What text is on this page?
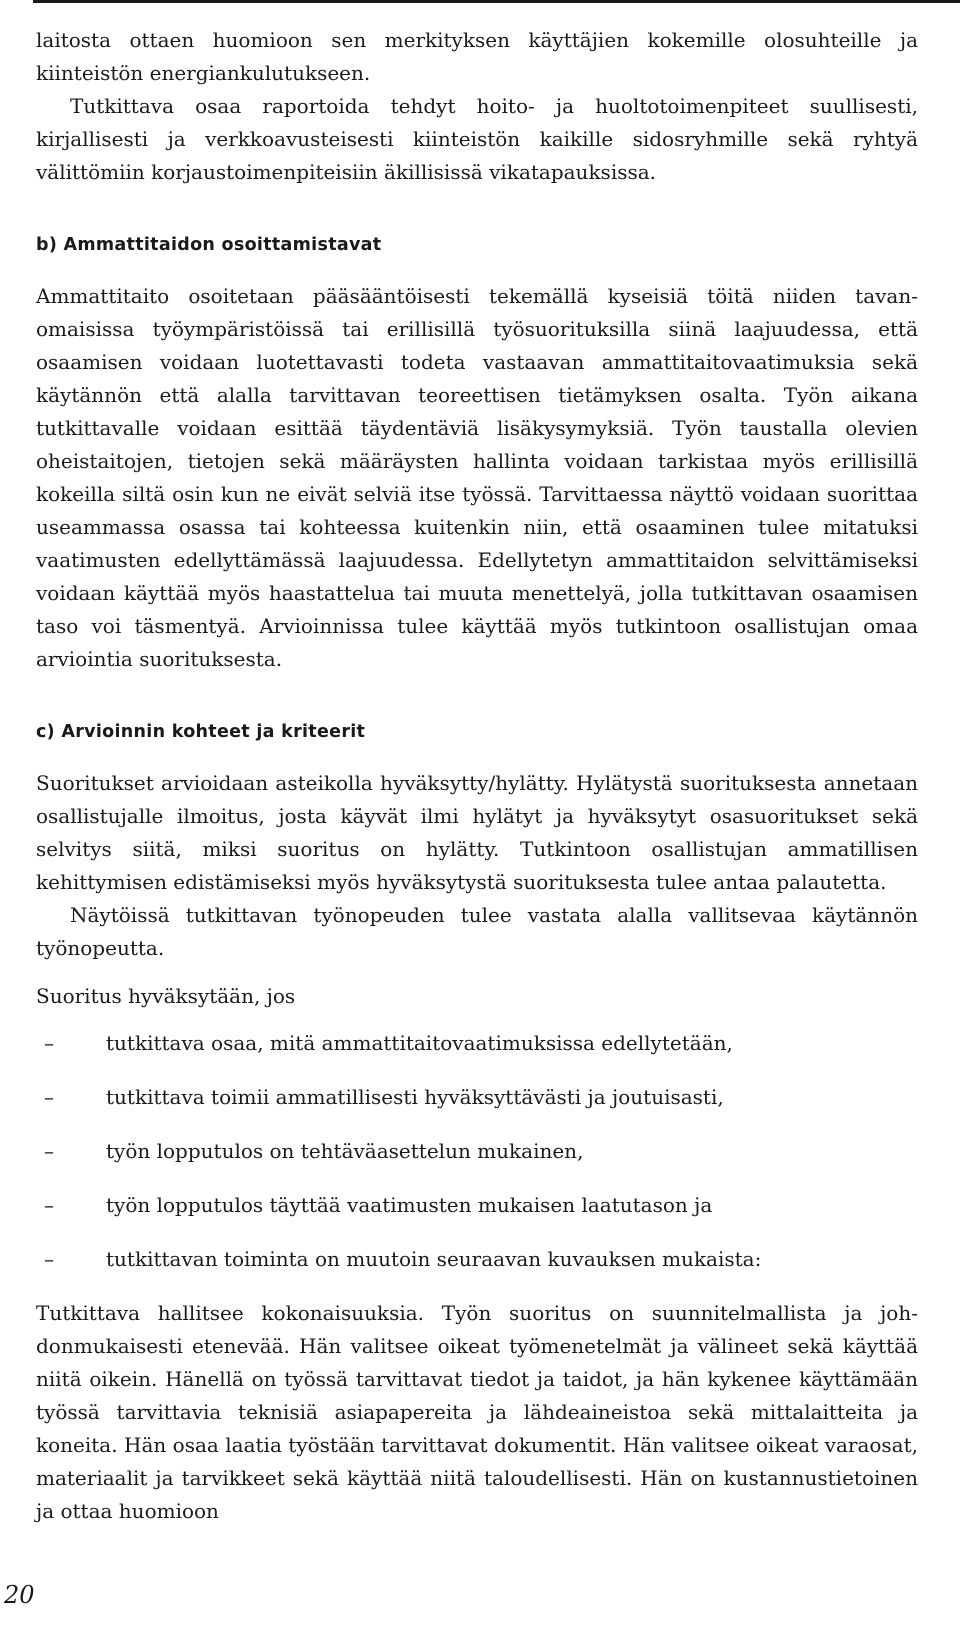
laitosta ottaen huomioon sen merkityksen käyttäjien kokemille olosuhteille ja kiinteistön energiankulutukseen.

Tutkittava osaa raportoida tehdyt hoito- ja huoltotoimenpiteet suullisesti, kirjallisesti ja verkkoavusteisesti kiinteistön kaikille sidosryhmille sekä ryhtyä välittömiin korjaustoimenpiteisiin äkillisissä vikatapauksissa.

b) Ammattitaidon osoittamistavat

Ammattitaito osoitetaan pääsääntöisesti tekemällä kyseisiä töitä niiden tavanomaisissa työympäristöissä tai erillisillä työsuorituksilla siinä laajuudessa, että osaamisen voidaan luotettavasti todeta vastaavan ammattitaitovaatimuksia sekä käytännön että alalla tarvittavan teoreettisen tietämyksen osalta. Työn aikana tutkittavalle voidaan esittää täydentäviä lisäkysymyksiä. Työn taustalla olevien oheistaitojen, tietojen sekä määräysten hallinta voidaan tarkistaa myös erillisillä kokeilla siltä osin kun ne eivät selviä itse työssä. Tarvittaessa näyttö voidaan suorittaa useammassa osassa tai kohteessa kuitenkin niin, että osaaminen tulee mitatuksi vaatimusten edellyttämässä laajuudessa. Edellytetyn ammattitaidon selvittämiseksi voidaan käyttää myös haastattelua tai muuta menettelyä, jolla tutkittavan osaamisen taso voi täsmentyä. Arvioinnissa tulee käyttää myös tutkintoon osallistujan omaa arviointia suorituksesta.

c) Arvioinnin kohteet ja kriteerit

Suoritukset arvioidaan asteikolla hyväksytty/hylätty. Hylätystä suorituksesta annetaan osallistujalle ilmoitus, josta käyvät ilmi hylätyt ja hyväksytyt osasuoritukset sekä selvitys siitä, miksi suoritus on hylätty. Tutkintoon osallistujan ammatillisen kehittymisen edistämiseksi myös hyväksytystä suorituksesta tulee antaa palautetta.

Näytöissä tutkittavan työnopeuden tulee vastata alalla vallitsevaa käytännön työnopeutta.

Suoritus hyväksytään, jos

–	tutkittava osaa, mitä ammattitaitovaatimuksissa edellytetään,
–	tutkittava toimii ammatillisesti hyväksyttävästi ja joutuisasti,
–	työn lopputulos on tehtäväasettelun mukainen,
–	työn lopputulos täyttää vaatimusten mukaisen laatutason ja
–	tutkittavan toiminta on muutoin seuraavan kuvauksen mukaista:

Tutkittava hallitsee kokonaisuuksia. Työn suoritus on suunnitelmallista ja johdonmukaisesti etenevää. Hän valitsee oikeat työmenetelmät ja välineet sekä käyttää niitä oikein. Hänellä on työssä tarvittavat tiedot ja taidot, ja hän kykenee käyttämään työssä tarvittavia teknisiä asiapapereita ja lähdeaineistoa sekä mittalaitteita ja koneita. Hän osaa laatia työstään tarvittavat dokumentit. Hän valitsee oikeat varaosat, materiaalit ja tarvikkeet sekä käyttää niitä taloudellisesti. Hän on kustannustietoinen ja ottaa huomioon

20
